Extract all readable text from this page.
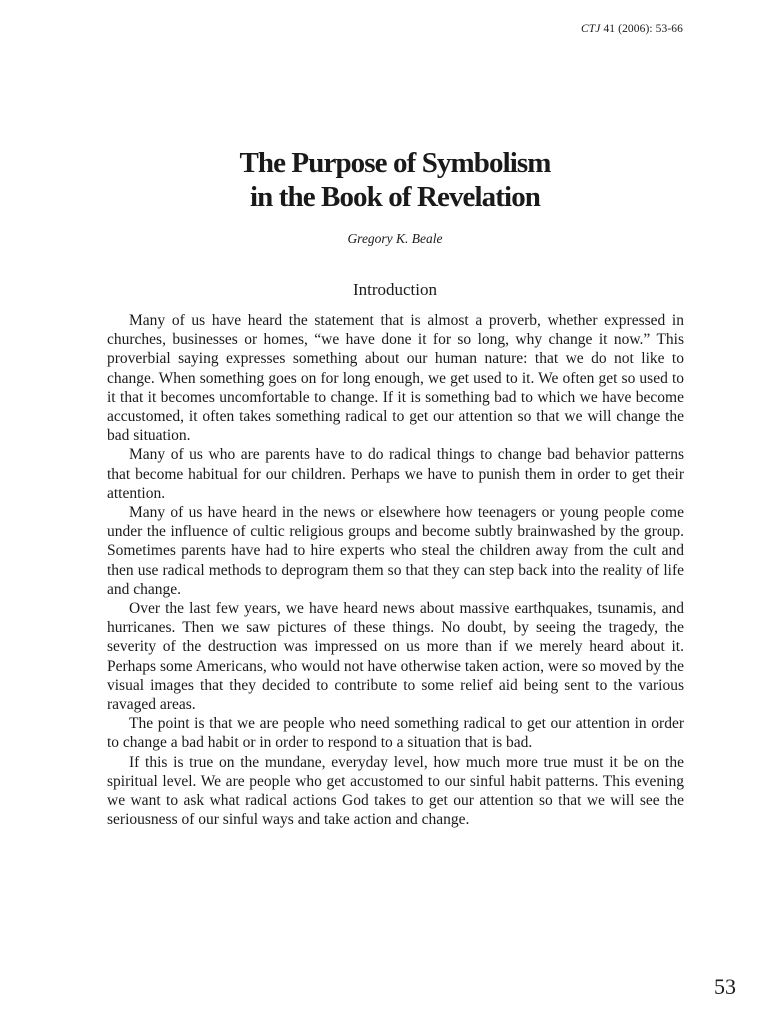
CTJ 41 (2006): 53-66
The Purpose of Symbolism
in the Book of Revelation
Gregory K. Beale
Introduction

Many of us have heard the statement that is almost a proverb, whether expressed in churches, businesses or homes, “we have done it for so long, why change it now.” This proverbial saying expresses something about our human nature: that we do not like to change. When something goes on for long enough, we get used to it. We often get so used to it that it becomes uncomfortable to change. If it is something bad to which we have become accustomed, it often takes something radical to get our attention so that we will change the bad situation.

Many of us who are parents have to do radical things to change bad behavior patterns that become habitual for our children. Perhaps we have to punish them in order to get their attention.

Many of us have heard in the news or elsewhere how teenagers or young people come under the influence of cultic religious groups and become subtly brainwashed by the group. Sometimes parents have had to hire experts who steal the children away from the cult and then use radical methods to deprogram them so that they can step back into the reality of life and change.

Over the last few years, we have heard news about massive earthquakes, tsunamis, and hurricanes. Then we saw pictures of these things. No doubt, by seeing the tragedy, the severity of the destruction was impressed on us more than if we merely heard about it. Perhaps some Americans, who would not have otherwise taken action, were so moved by the visual images that they decided to contribute to some relief aid being sent to the various ravaged areas.

The point is that we are people who need something radical to get our attention in order to change a bad habit or in order to respond to a situation that is bad.

If this is true on the mundane, everyday level, how much more true must it be on the spiritual level. We are people who get accustomed to our sinful habit patterns. This evening we want to ask what radical actions God takes to get our attention so that we will see the seriousness of our sinful ways and take action and change.

53
